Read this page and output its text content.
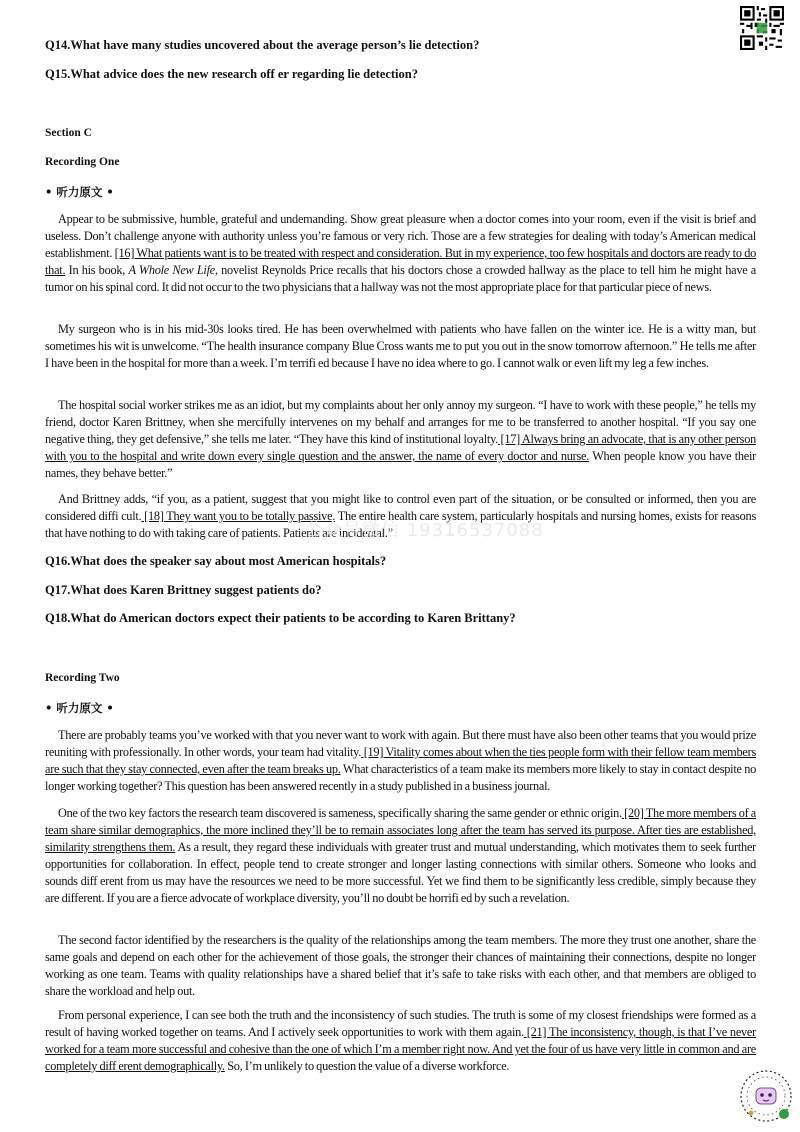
Q14.What have many studies uncovered about the average person’s lie detection?
Q15.What advice does the new research off er regarding lie detection?
Section C
Recording One
• 听力原文 •
Appear to be submissive, humble, grateful and undemanding. Show great pleasure when a doctor comes into your room, even if the visit is brief and useless. Don’t challenge anyone with authority unless you’re famous or very rich. Those are a few strategies for dealing with today’s American medical establishment. [16] What patients want is to be treated with respect and consideration. But in my experience, too few hospitals and doctors are ready to do that. In his book, A Whole New Life, novelist Reynolds Price recalls that his doctors chose a crowded hallway as the place to tell him he might have a tumor on his spinal cord. It did not occur to the two physicians that a hallway was not the most appropriate place for that particular piece of news.
My surgeon who is in his mid-30s looks tired. He has been overwhelmed with patients who have fallen on the winter ice. He is a witty man, but sometimes his wit is unwelcome. “The health insurance company Blue Cross wants me to put you out in the snow tomorrow afternoon.” He tells me after I have been in the hospital for more than a week. I’m terrifi ed because I have no idea where to go. I cannot walk or even lift my leg a few inches.
The hospital social worker strikes me as an idiot, but my complaints about her only annoy my surgeon. “I have to work with these people,” he tells my friend, doctor Karen Brittney, when she mercifully intervenes on my behalf and arranges for me to be transferred to another hospital. “If you say one negative thing, they get defensive,” she tells me later. “They have this kind of institutional loyalty. [17] Always bring an advocate, that is any other person with you to the hospital and write down every single question and the answer, the name of every doctor and nurse. When people know you have their names, they behave better.”
And Brittney adds, “if you, as a patient, suggest that you might like to control even part of the situation, or be consulted or informed, then you are considered diffi cult. [18] They want you to be totally passive. The entire health care system, particularly hospitals and nursing homes, exists for reasons that have nothing to do with taking care of patients. Patients are incidental.”
公众号微信 19316537088
Q16.What does the speaker say about most American hospitals?
Q17.What does Karen Brittney suggest patients do?
Q18.What do American doctors expect their patients to be according to Karen Brittany?
Recording Two
• 听力原文 •
There are probably teams you’ve worked with that you never want to work with again. But there must have also been other teams that you would prize reuniting with professionally. In other words, your team had vitality. [19] Vitality comes about when the ties people form with their fellow team members are such that they stay connected, even after the team breaks up. What characteristics of a team make its members more likely to stay in contact despite no longer working together? This question has been answered recently in a study published in a business journal.
One of the two key factors the research team discovered is sameness, specifically sharing the same gender or ethnic origin. [20] The more members of a team share similar demographics, the more inclined they’ll be to remain associates long after the team has served its purpose. After ties are established, similarity strengthens them. As a result, they regard these individuals with greater trust and mutual understanding, which motivates them to seek further opportunities for collaboration. In effect, people tend to create stronger and longer lasting connections with similar others. Someone who looks and sounds diff erent from us may have the resources we need to be more successful. Yet we find them to be significantly less credible, simply because they are different. If you are a fierce advocate of workplace diversity, you’ll no doubt be horrifi ed by such a revelation.
The second factor identified by the researchers is the quality of the relationships among the team members. The more they trust one another, share the same goals and depend on each other for the achievement of those goals, the stronger their chances of maintaining their connections, despite no longer working as one team. Teams with quality relationships have a shared belief that it’s safe to take risks with each other, and that members are obliged to share the workload and help out.
From personal experience, I can see both the truth and the inconsistency of such studies. The truth is some of my closest friendships were formed as a result of having worked together on teams. And I actively seek opportunities to work with them again. [21] The inconsistency, though, is that I’ve never worked for a team more successful and cohesive than the one of which I’m a member right now. And yet the four of us have very little in common and are completely diff erent demographically. So, I’m unlikely to question the value of a diverse workforce.
